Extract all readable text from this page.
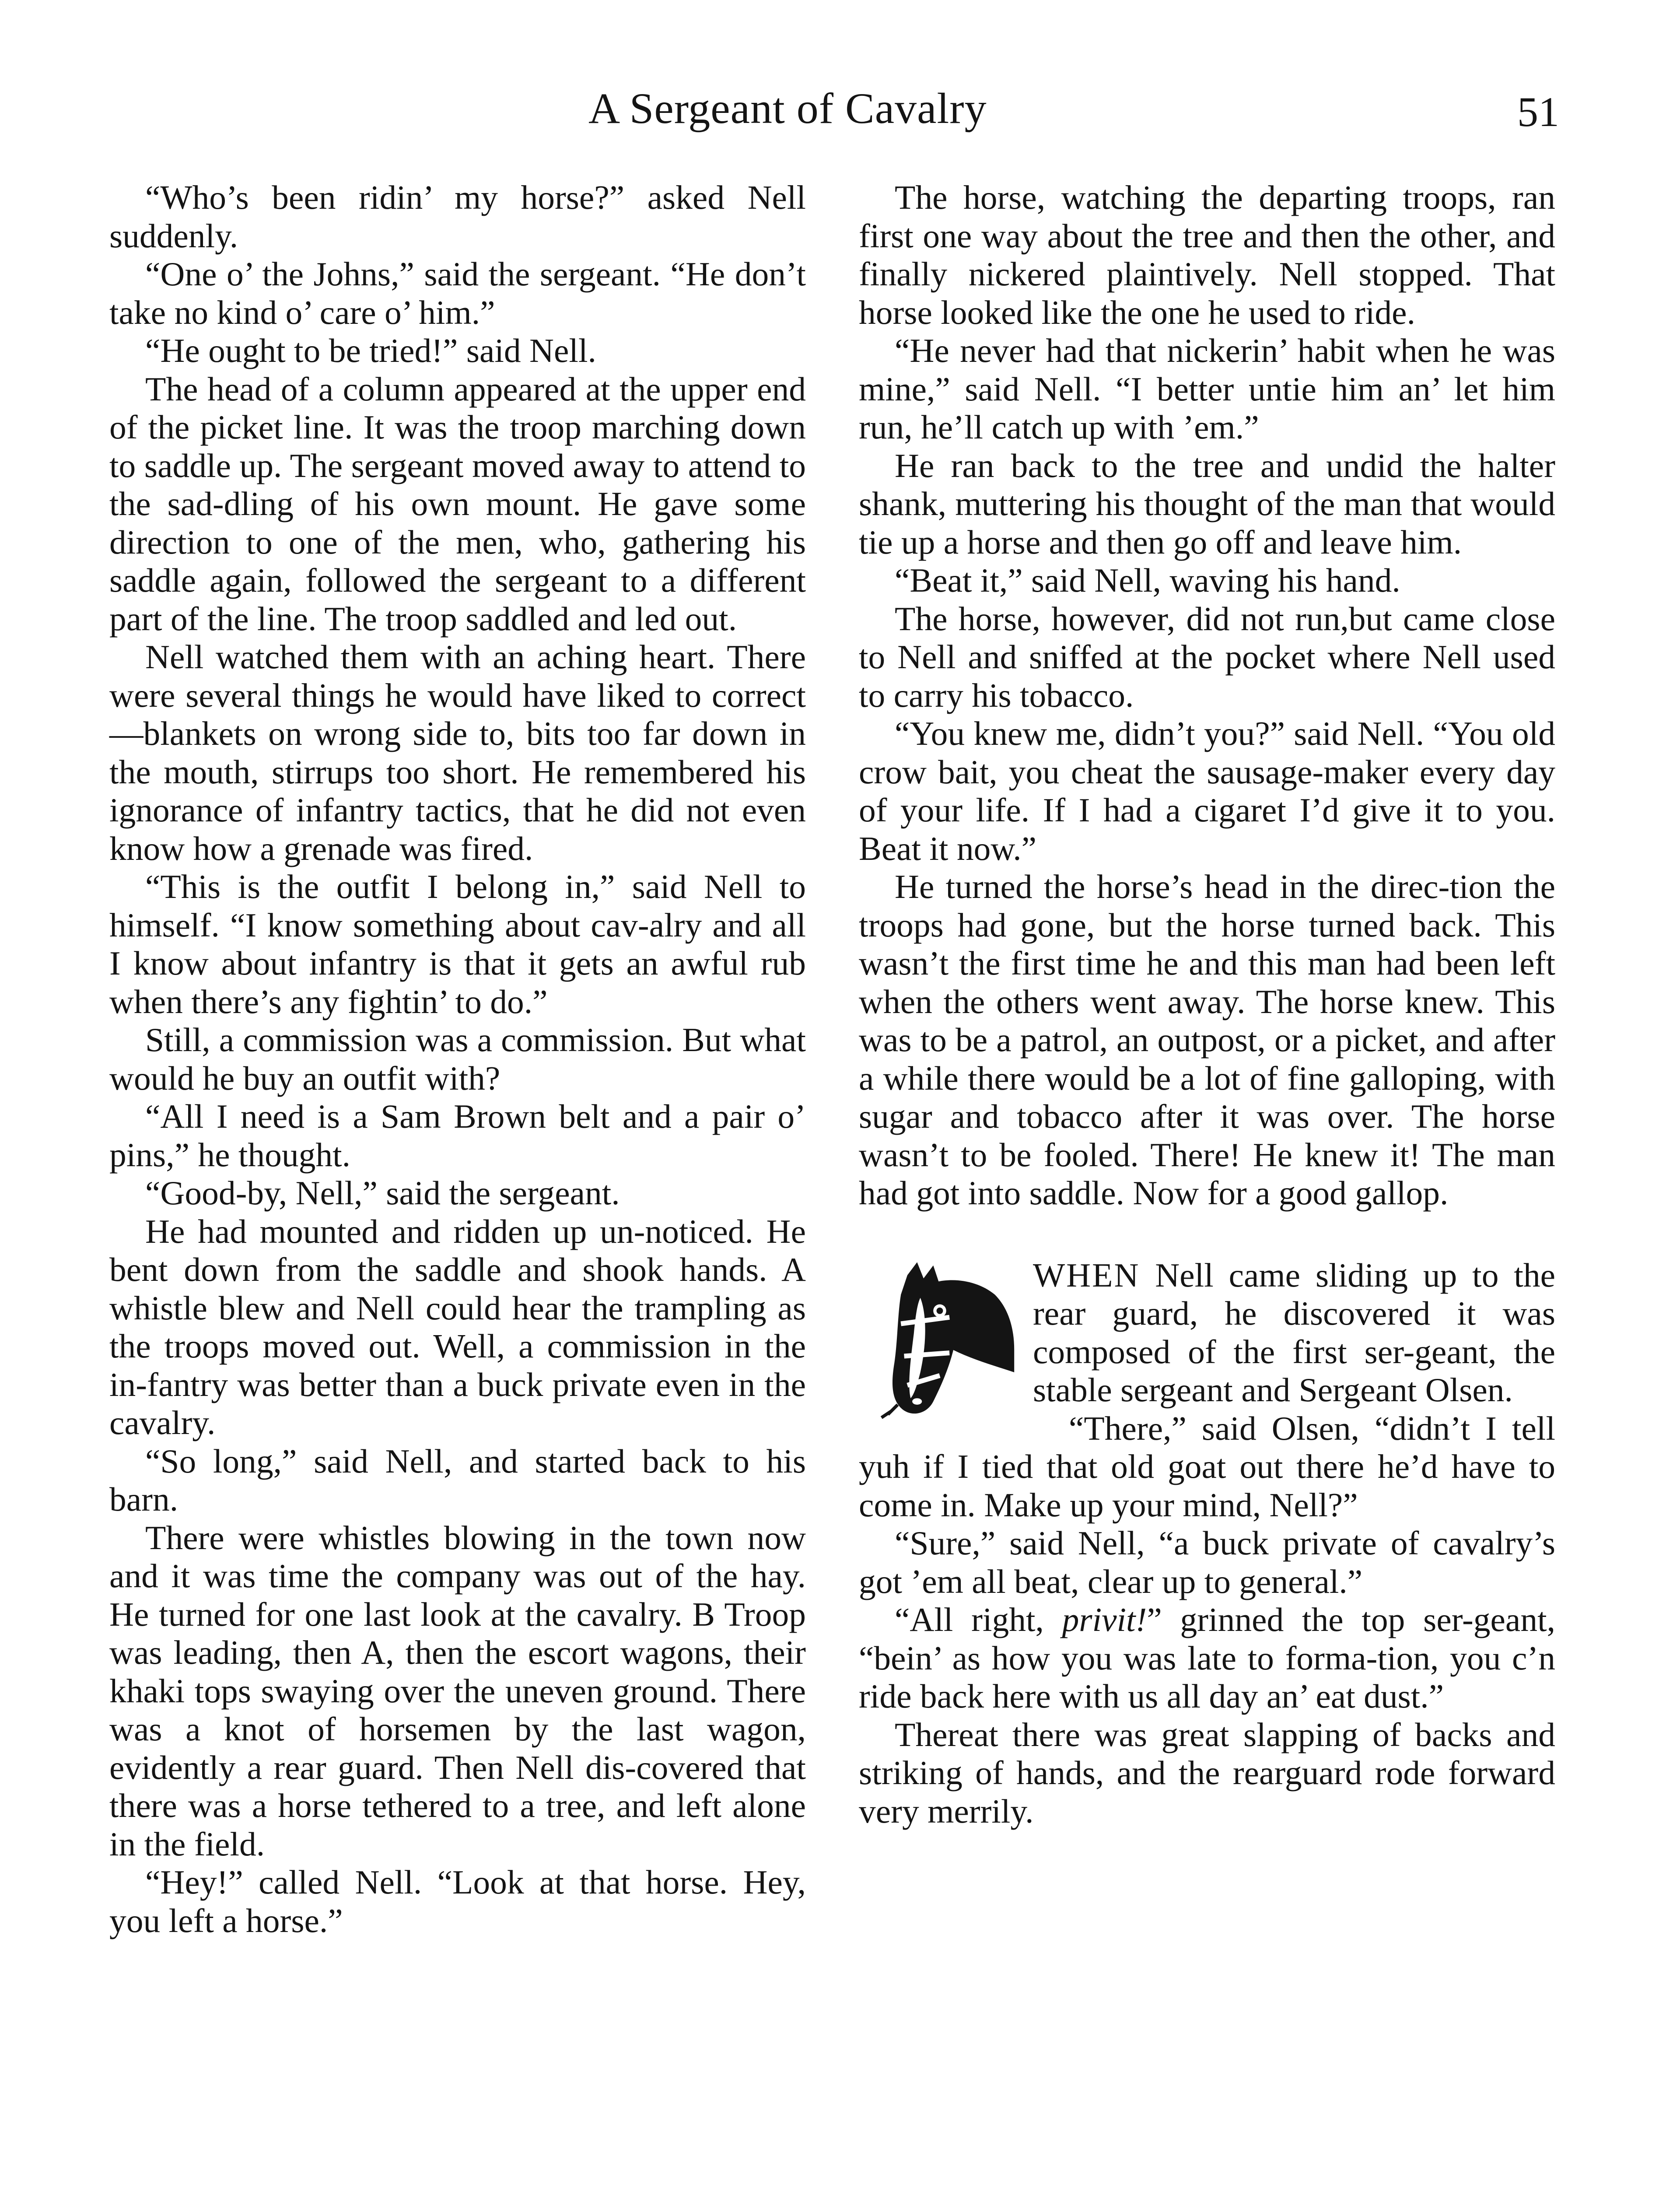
A Sergeant of Cavalry	51

“Who’s been ridin’ my horse?” asked Nell suddenly.

“One o’ the Johns,” said the sergeant. “He don’t take no kind o’ care o’ him.”

“He ought to be tried!” said Nell.

The head of a column appeared at the upper end of the picket line. It was the troop marching down to saddle up. The sergeant moved away to attend to the sad-dling of his own mount. He gave some direction to one of the men, who, gathering his saddle again, followed the sergeant to a different part of the line. The troop saddled and led out.

Nell watched them with an aching heart. There were several things he would have liked to correct—blankets on wrong side to, bits too far down in the mouth, stirrups too short. He remembered his ignorance of infantry tactics, that he did not even know how a grenade was fired.

“This is the outfit I belong in,” said Nell to himself. “I know something about cav-alry and all I know about infantry is that it gets an awful rub when there’s any fightin’ to do.”

Still, a commission was a commission. But what would he buy an outfit with?

“All I need is a Sam Brown belt and a pair o’ pins,” he thought.

“Good-by, Nell,” said the sergeant.

He had mounted and ridden up un-noticed. He bent down from the saddle and shook hands. A whistle blew and Nell could hear the trampling as the troops moved out. Well, a commission in the in-fantry was better than a buck private even in the cavalry.

“So long,” said Nell, and started back to his barn.

There were whistles blowing in the town now and it was time the company was out of the hay. He turned for one last look at the cavalry. B Troop was leading, then A, then the escort wagons, their khaki tops swaying over the uneven ground. There was a knot of horsemen by the last wagon, evidently a rear guard. Then Nell dis-covered that there was a horse tethered to a tree, and left alone in the field.

“Hey!” called Nell. “Look at that horse. Hey, you left a horse.”

The horse, watching the departing troops, ran first one way about the tree and then the other, and finally nickered plaintively. Nell stopped. That horse looked like the one he used to ride.

“He never had that nickerin’ habit when he was mine,” said Nell. “I better untie him an’ let him run, he’ll catch up with ’em.”

He ran back to the tree and undid the halter shank, muttering his thought of the man that would tie up a horse and then go off and leave him.

“Beat it,” said Nell, waving his hand.

The horse, however, did not run,but came close to Nell and sniffed at the pocket where Nell used to carry his tobacco.

“You knew me, didn’t you?” said Nell. “You old crow bait, you cheat the sausage-maker every day of your life. If I had a cigaret I’d give it to you. Beat it now.”

He turned the horse’s head in the direc-tion the troops had gone, but the horse turned back. This wasn’t the first time he and this man had been left when the others went away. The horse knew. This was to be a patrol, an outpost, or a picket, and after a while there would be a lot of fine galloping, with sugar and tobacco after it was over. The horse wasn’t to be fooled. There! He knew it! The man had got into saddle. Now for a good gallop.

WHEN Nell came sliding up to the rear guard, he discovered it was composed of the first ser-geant, the stable sergeant and Sergeant Olsen.

“There,” said Olsen, “didn’t I tell yuh if I tied that old goat out there he’d have to come in. Make up your mind, Nell?”

“Sure,” said Nell, “a buck private of cavalry’s got ’em all beat, clear up to general.”

“All right, privit!” grinned the top ser-geant, “bein’ as how you was late to forma-tion, you c’n ride back here with us all day an’ eat dust.”

Thereat there was great slapping of backs and striking of hands, and the rearguard rode forward very merrily.
